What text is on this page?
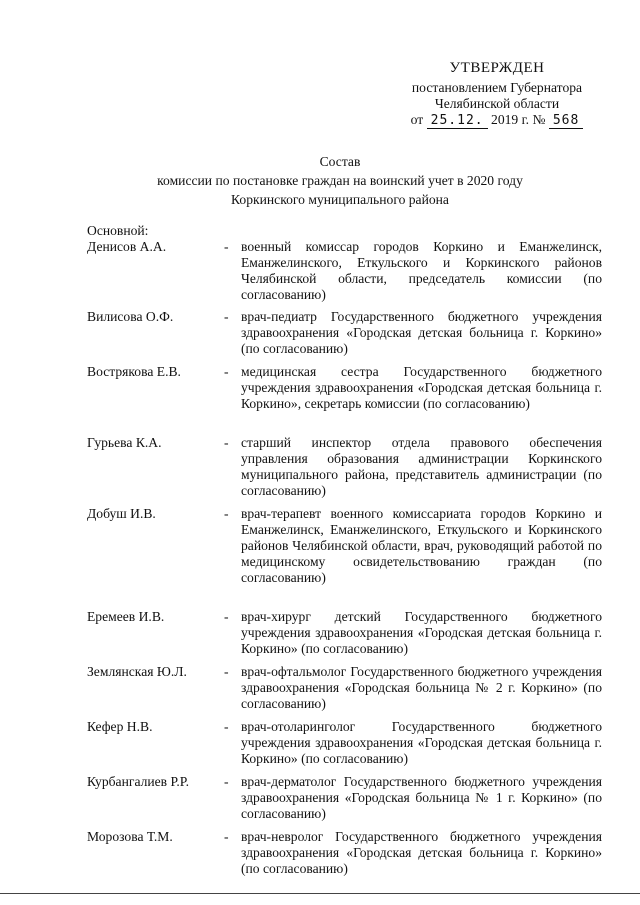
УТВЕРЖДЕН
постановлением Губернатора
Челябинской области
от 25.12. 2019 г. № 568
Состав
комиссии по постановке граждан на воинский учет в 2020 году
Коркинского муниципального района
Основной:
Денисов А.А.	- военный комиссар городов Коркино и Еманжелинск, Еманжелинского, Еткульского и Коркинского районов Челябинской области, председатель комиссии (по согласованию)
Вилисова О.Ф.	- врач-педиатр Государственного бюджетного учреждения здравоохранения «Городская детская больница г. Коркино» (по согласованию)
Вострякова Е.В.	- медицинская сестра Государственного бюджетного учреждения здравоохранения «Городская детская больница г. Коркино», секретарь комиссии (по согласованию)
Гурьева К.А.	- старший инспектор отдела правового обеспечения управления образования администрации Коркинского муниципального района, представитель администрации (по согласованию)
Добуш И.В.	- врач-терапевт военного комиссариата городов Коркино и Еманжелинск, Еманжелинского, Еткульского и Коркинского районов Челябинской области, врач, руководящий работой по медицинскому освидетельствованию граждан (по согласованию)
Еремеев И.В.	- врач-хирург детский Государственного бюджетного учреждения здравоохранения «Городская детская больница г. Коркино» (по согласованию)
Землянская Ю.Л.	- врач-офтальмолог Государственного бюджетного учреждения здравоохранения «Городская больница № 2 г. Коркино» (по согласованию)
Кефер Н.В.	- врач-отоларинголог Государственного бюджетного учреждения здравоохранения «Городская детская больница г. Коркино» (по согласованию)
Курбангалиев Р.Р.	- врач-дерматолог Государственного бюджетного учреждения здравоохранения «Городская больница № 1 г. Коркино» (по согласованию)
Морозова Т.М.	- врач-невролог Государственного бюджетного учреждения здравоохранения «Городская детская больница г. Коркино» (по согласованию)
